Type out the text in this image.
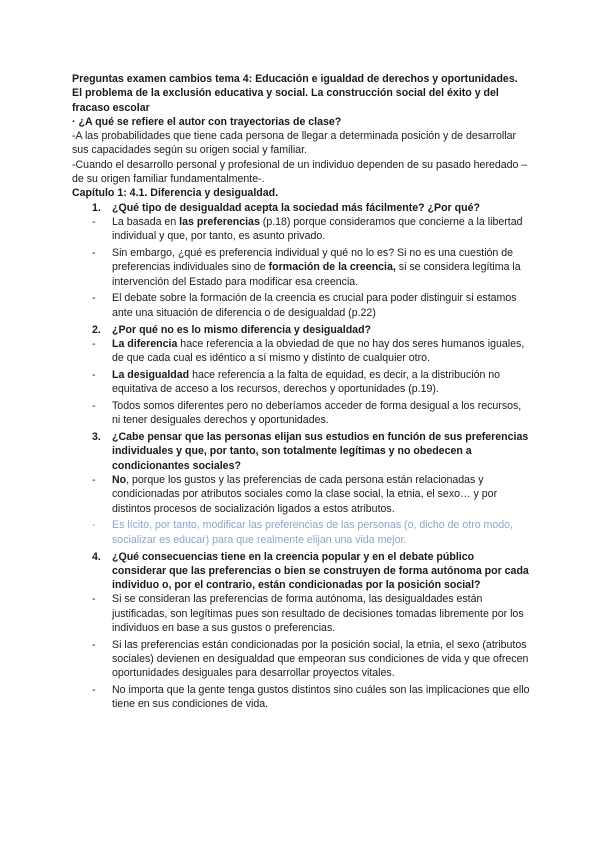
Preguntas examen cambios tema 4: Educación e igualdad de derechos y oportunidades. El problema de la exclusión educativa y social. La construcción social del éxito y del fracaso escolar

· ¿A qué se refiere el autor con trayectorias de clase?

-A las probabilidades que tiene cada persona de llegar a determinada posición y de desarrollar sus capacidades según su origen social y familiar.

-Cuando el desarrollo personal y profesional de un individuo dependen de su pasado heredado –de su origen familiar fundamentalmente-.

Capítulo 1: 4.1. Diferencia y desigualdad.

1.	¿Qué tipo de desigualdad acepta la sociedad más fácilmente? ¿Por qué?
-	La basada en las preferencias (p.18) porque consideramos que concierne a la libertad individual y que, por tanto, es asunto privado.
-	Sin embargo, ¿qué es preferencia individual y qué no lo es? Si no es una cuestión de preferencias individuales sino de formación de la creencia, si se considera legítima la intervención del Estado para modificar esa creencia.
-	El debate sobre la formación de la creencia es crucial para poder distinguir si estamos ante una situación de diferencia o de desigualdad (p.22)
2.	¿Por qué no es lo mismo diferencia y desigualdad?
-	La diferencia hace referencia a la obviedad de que no hay dos seres humanos iguales, de que cada cual es idéntico a sí mismo y distinto de cualquier otro.
-	La desigualdad hace referencia a la falta de equidad, es decir, a la distribución no equitativa de acceso a los recursos, derechos y oportunidades (p.19).
-	Todos somos diferentes pero no deberíamos acceder de forma desigual a los recursos, ni tener desiguales derechos y oportunidades.
3.	¿Cabe pensar que las personas elijan sus estudios en función de sus preferencias individuales y que, por tanto, son totalmente legítimas y no obedecen a condicionantes sociales?
-	No, porque los gustos y las preferencias de cada persona están relacionadas y condicionadas por atributos sociales como la clase social, la etnia, el sexo… y por distintos procesos de socialización ligados a estos atributos.
-	Es lícito, por tanto, modificar las preferencias de las personas (o, dicho de otro modo, socializar es educar) para que realmente elijan una vida mejor.
4.	¿Qué consecuencias tiene en la creencia popular y en el debate público considerar que las preferencias o bien se construyen de forma autónoma por cada individuo o, por el contrario, están condicionadas por la posición social?
-	Si se consideran las preferencias de forma autónoma, las desigualdades están justificadas, son legítimas pues son resultado de decisiones tomadas libremente por los individuos en base a sus gustos o preferencias.
-	Si las preferencias están condicionadas por la posición social, la etnia, el sexo (atributos sociales) devienen en desigualdad que empeoran sus condiciones de vida y que ofrecen oportunidades desiguales para desarrollar proyectos vitales.
-	No importa que la gente tenga gustos distintos sino cuáles son las implicaciones que ello tiene en sus condiciones de vida.
